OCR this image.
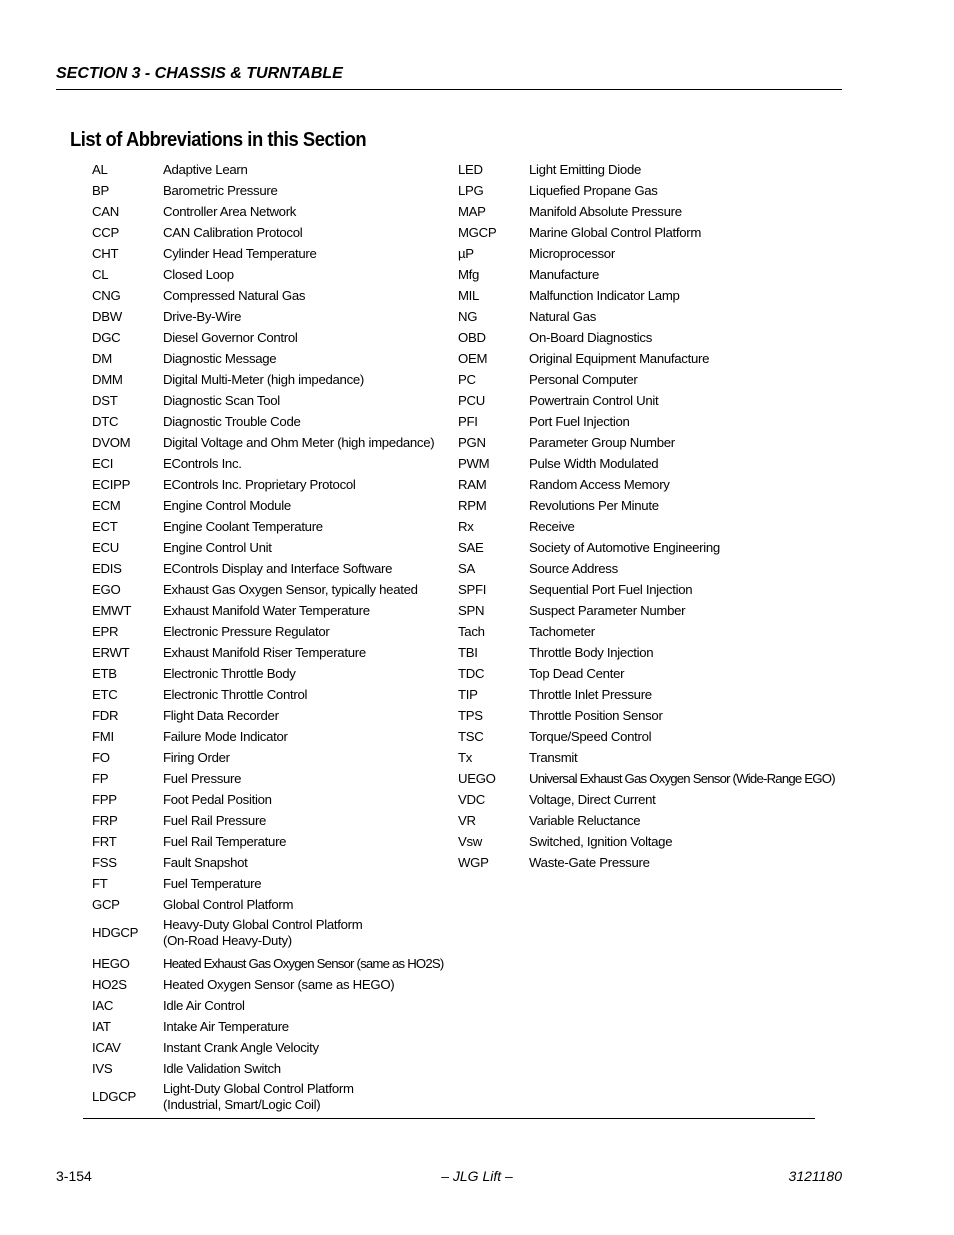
SECTION 3 - CHASSIS & TURNTABLE
List of Abbreviations in this Section
AL	Adaptive Learn
BP	Barometric Pressure
CAN	Controller Area Network
CCP	CAN Calibration Protocol
CHT	Cylinder Head Temperature
CL	Closed Loop
CNG	Compressed Natural Gas
DBW	Drive-By-Wire
DGC	Diesel Governor Control
DM	Diagnostic Message
DMM	Digital Multi-Meter (high impedance)
DST	Diagnostic Scan Tool
DTC	Diagnostic Trouble Code
DVOM	Digital Voltage and Ohm Meter (high impedance)
ECI	EControls Inc.
ECIPP	EControls Inc. Proprietary Protocol
ECM	Engine Control Module
ECT	Engine Coolant Temperature
ECU	Engine Control Unit
EDIS	EControls Display and Interface Software
EGO	Exhaust Gas Oxygen Sensor, typically heated
EMWT	Exhaust Manifold Water Temperature
EPR	Electronic Pressure Regulator
ERWT	Exhaust Manifold Riser Temperature
ETB	Electronic Throttle Body
ETC	Electronic Throttle Control
FDR	Flight Data Recorder
FMI	Failure Mode Indicator
FO	Firing Order
FP	Fuel Pressure
FPP	Foot Pedal Position
FRP	Fuel Rail Pressure
FRT	Fuel Rail Temperature
FSS	Fault Snapshot
FT	Fuel Temperature
GCP	Global Control Platform
HDGCP
Heavy-Duty Global Control Platform
(On-Road Heavy-Duty)
HEGO	Heated Exhaust Gas Oxygen Sensor (same as HO2S)
HO2S	Heated Oxygen Sensor (same as HEGO)
IAC	Idle Air Control
IAT	Intake Air Temperature
ICAV	Instant Crank Angle Velocity
IVS	Idle Validation Switch
LDGCP
Light-Duty Global Control Platform
(Industrial, Smart/Logic Coil)
LED	Light Emitting Diode
LPG	Liquefied Propane Gas
MAP	Manifold Absolute Pressure
MGCP	Marine Global Control Platform
µP	Microprocessor
Mfg	Manufacture
MIL	Malfunction Indicator Lamp
NG	Natural Gas
OBD	On-Board Diagnostics
OEM	Original Equipment Manufacture
PC	Personal Computer
PCU	Powertrain Control Unit
PFI	Port Fuel Injection
PGN	Parameter Group Number
PWM	Pulse Width Modulated
RAM	Random Access Memory
RPM	Revolutions Per Minute
Rx	Receive
SAE	Society of Automotive Engineering
SA	Source Address
SPFI	Sequential Port Fuel Injection
SPN	Suspect Parameter Number
Tach	Tachometer
TBI	Throttle Body Injection
TDC	Top Dead Center
TIP	Throttle Inlet Pressure
TPS	Throttle Position Sensor
TSC	Torque/Speed Control
Tx	Transmit
UEGO	Universal Exhaust Gas Oxygen Sensor (Wide-Range EGO)
VDC	Voltage, Direct Current
VR	Variable Reluctance
Vsw	Switched, Ignition Voltage
WGP	Waste-Gate Pressure
3-154	– JLG Lift –	3121180
